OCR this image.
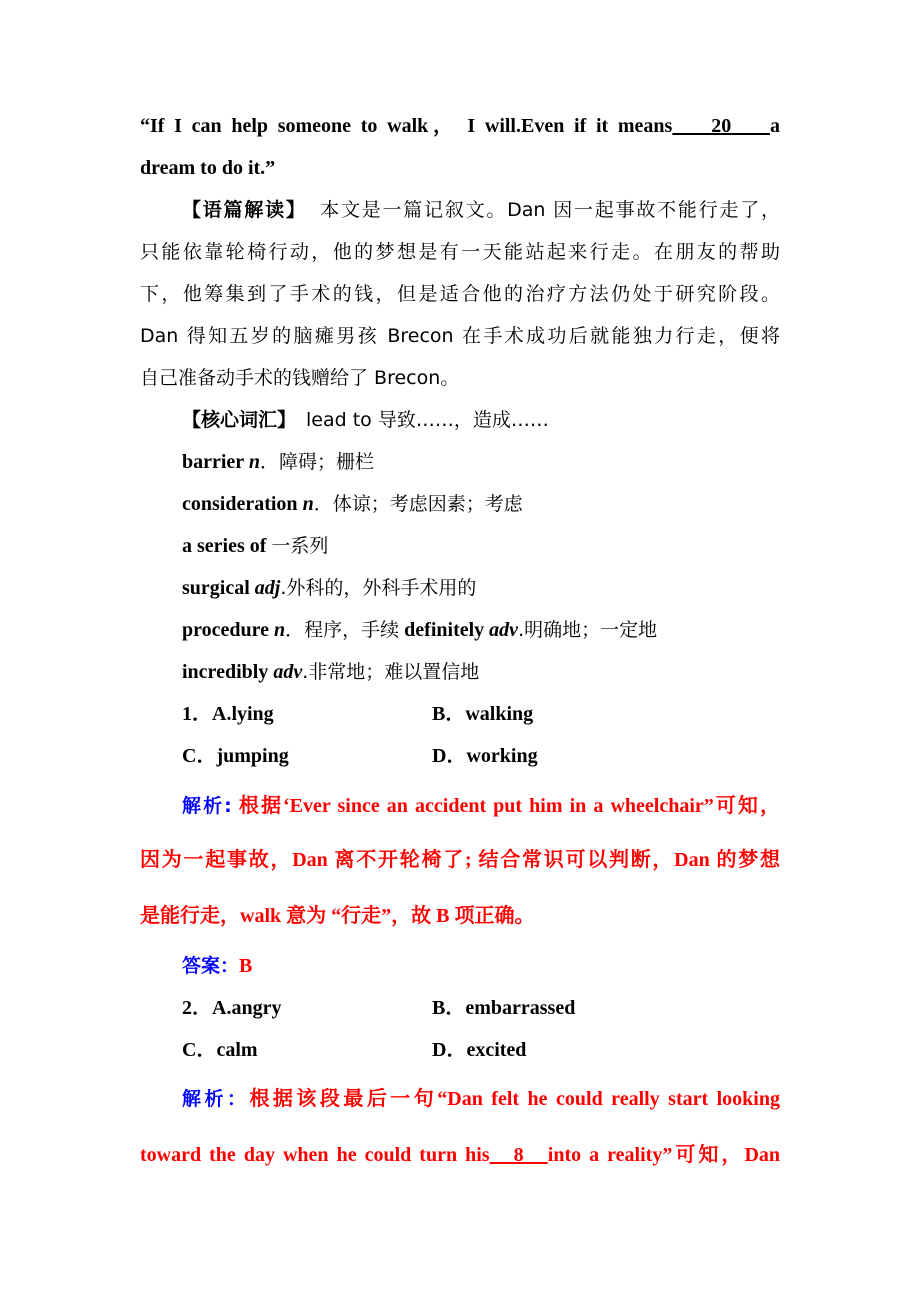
“If I can help someone to walk， I will.Even if it means 20 a
dream to do it.”
【语篇解读】 本文是一篇记叙文。Dan 因一起事故不能行走了，
只能依靠轮椅行动，他的梦想是有一天能站起来行走。在朋友的帮助
下，他筹集到了手术的钱，但是适合他的治疗方法仍处于研究阶段。
Dan 得知五岁的脑瘫男孩 Brecon 在手术成功后就能独力行走，便将
自己准备动手术的钱赠给了 Brecon。
【核心词汇】 lead to 导致……，造成……
barrier n．障碍；栅栏
consideration n．体谅；考虑因素；考虑
a series of 一系列
surgical adj.外科的，外科手术用的
procedure n．程序，手续 definitely adv.明确地；一定地
incredibly adv.非常地；难以置信地
1．A.lying	B．walking
C．jumping	D．working
解析: 根据‘Ever since an accident put him in a wheelchair”可知，
因为一起事故，Dan 离不开轮椅了; 结合常识可以判断，Dan 的梦想
是能行走，walk 意为 “行走”，故 B 项正确。
答案：B
2．A.angry	B．embarrassed
C．calm	D．excited
解析：根据该段最后一句“Dan felt he could really start looking
toward the day when he could turn his 8 into a reality”可知，Dan
